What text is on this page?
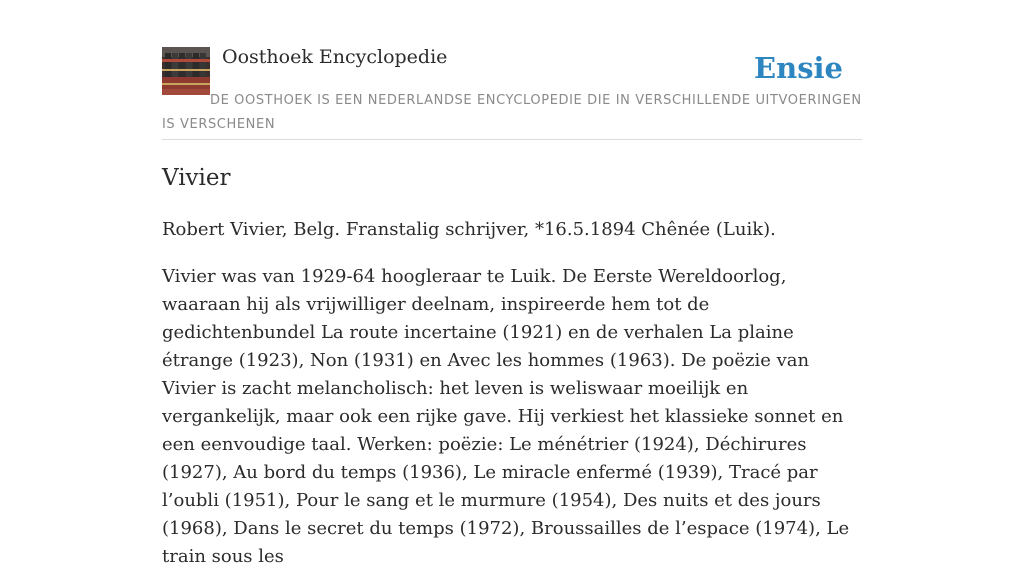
Oosthoek Encyclopedie	Ensie
DE OOSTHOEK IS EEN NEDERLANDSE ENCYCLOPEDIE DIE IN VERSCHILLENDE UITVOERINGEN IS VERSCHENEN
Vivier

Robert Vivier, Belg. Franstalig schrijver, *16.5.1894 Chênée (Luik).

Vivier was van 1929-64 hoogleraar te Luik. De Eerste Wereldoorlog, waaraan hij als vrijwilliger deelnam, inspireerde hem tot de gedichtenbundel La route incertaine (1921) en de verhalen La plaine étrange (1923), Non (1931) en Avec les hommes (1963). De poëzie van Vivier is zacht melancholisch: het leven is weliswaar moeilijk en vergankelijk, maar ook een rijke gave. Hij verkiest het klassieke sonnet en een eenvoudige taal. Werken: poëzie: Le ménétrier (1924), Déchirures (1927), Au bord du temps (1936), Le miracle enfermé (1939), Tracé par l’oubli (1951), Pour le sang et le murmure (1954), Des nuits et des jours (1968), Dans le secret du temps (1972), Broussailles de l’espace (1974), Le train sous les
